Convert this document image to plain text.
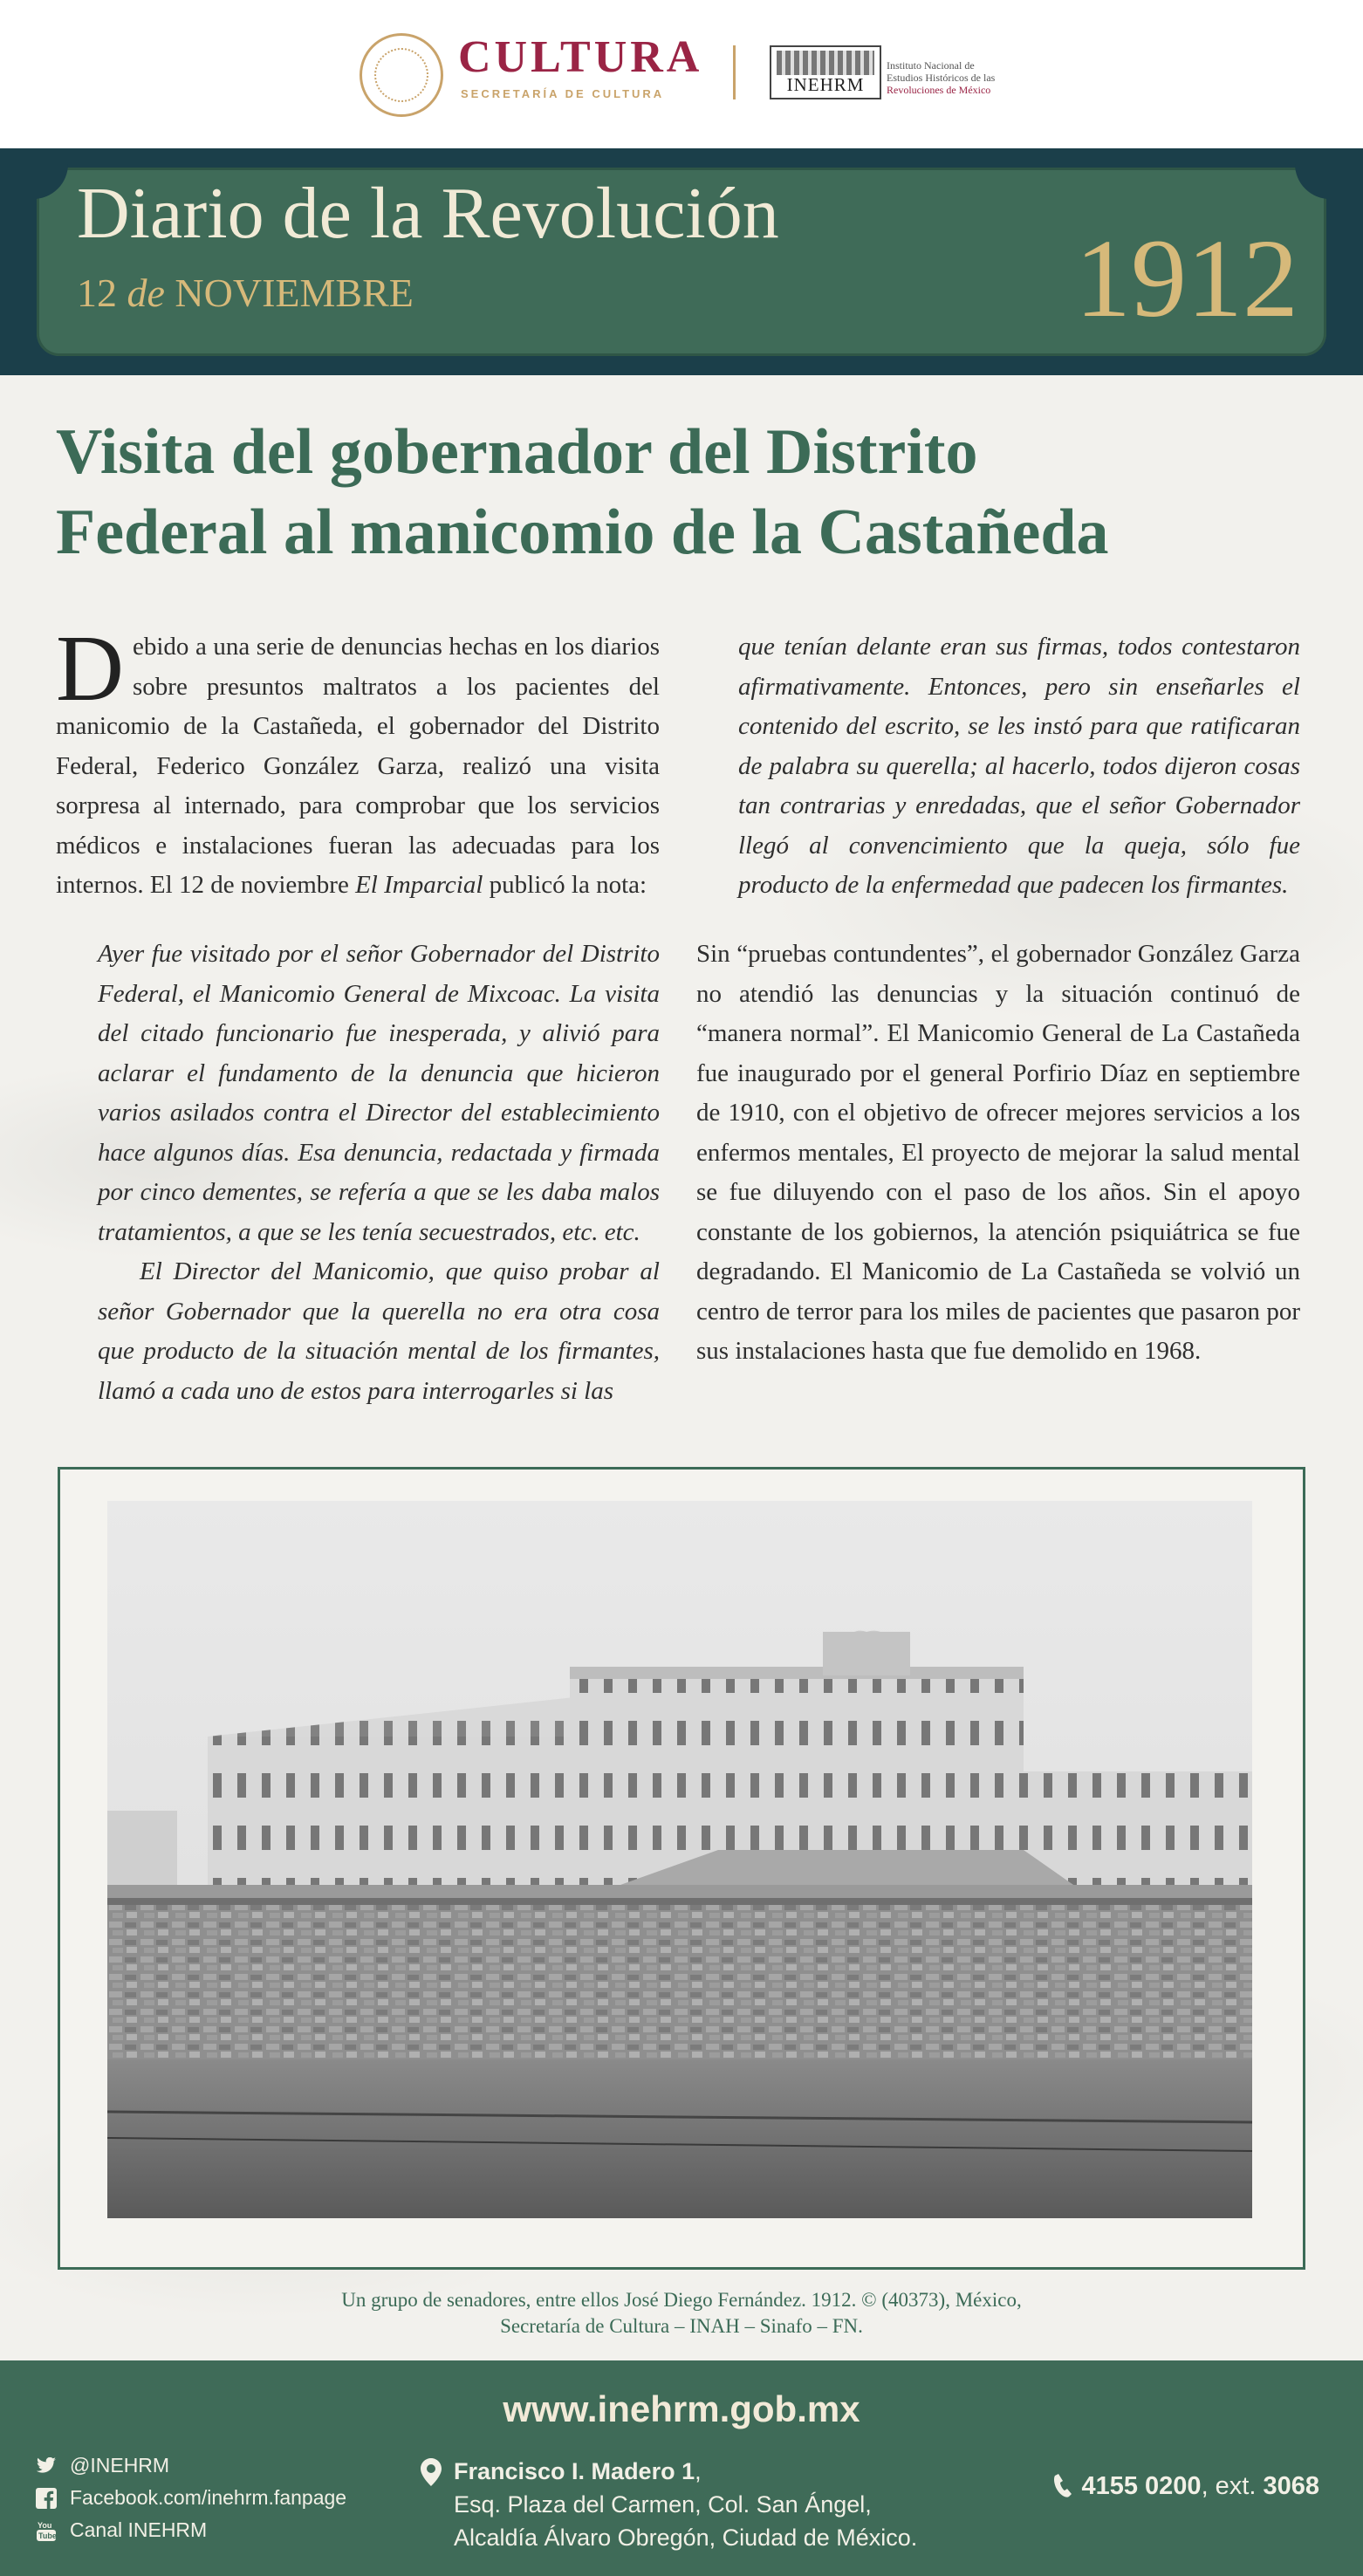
CULTURA
SECRETARÍA DE CULTURA	INEHRM
Instituto Nacional de
Estudios Históricos de las
Revoluciones de México
Diario de la Revolución
12 de NOVIEMBRE	1912
Visita del gobernador del Distrito
Federal al manicomio de la Castañeda

Debido a una serie de denuncias hechas en los diarios sobre presuntos maltratos a los pacientes del manicomio de la Castañeda, el gobernador del Distrito Federal, Federico González Garza, realizó una visita sorpresa al internado, para comprobar que los servicios médicos e instalaciones fueran las adecuadas para los internos. El 12 de noviembre El Imparcial publicó la nota:

Ayer fue visitado por el señor Gobernador del Distrito Federal, el Manicomio General de Mixcoac. La visita del citado funcionario fue inesperada, y alivió para aclarar el fundamento de la denuncia que hicieron varios asilados contra el Director del establecimiento hace algunos días. Esa denuncia, redactada y firmada por cinco dementes, se refería a que se les daba malos tratamientos, a que se les tenía secuestrados, etc. etc.

El Director del Manicomio, que quiso probar al señor Gobernador que la querella no era otra cosa que producto de la situación mental de los firmantes, llamó a cada uno de estos para interrogarles si las

que tenían delante eran sus firmas, todos contestaron afirmativamente. Entonces, pero sin enseñarles el contenido del escrito, se les instó para que ratificaran de palabra su querella; al hacerlo, todos dijeron cosas tan contrarias y enredadas, que el señor Gobernador llegó al convencimiento que la queja, sólo fue producto de la enfermedad que padecen los firmantes.
Sin “pruebas contundentes”, el gobernador González Garza no atendió las denuncias y la situación continuó de “manera normal”. El Manicomio General de La Castañeda fue inaugurado por el general Porfirio Díaz en septiembre de 1910, con el objetivo de ofrecer mejores servicios a los enfermos mentales, El proyecto de mejorar la salud mental se fue diluyendo con el paso de los años. Sin el apoyo constante de los gobiernos, la atención psiquiátrica se fue degradando. El Manicomio de La Castañeda se volvió un centro de terror para los miles de pacientes que pasaron por sus instalaciones hasta que fue demolido en 1968.
Un grupo de senadores, entre ellos José Diego Fernández. 1912. © (40373), México,
Secretaría de Cultura – INAH – Sinafo – FN.
www.inehrm.gob.mx
@INEHRM
Facebook.com/inehrm.fanpage
You
Tube Canal INEHRM
Francisco I. Madero 1,
Esq. Plaza del Carmen, Col. San Ángel,
Alcaldía Álvaro Obregón, Ciudad de México.
4155 0200, ext. 3068
